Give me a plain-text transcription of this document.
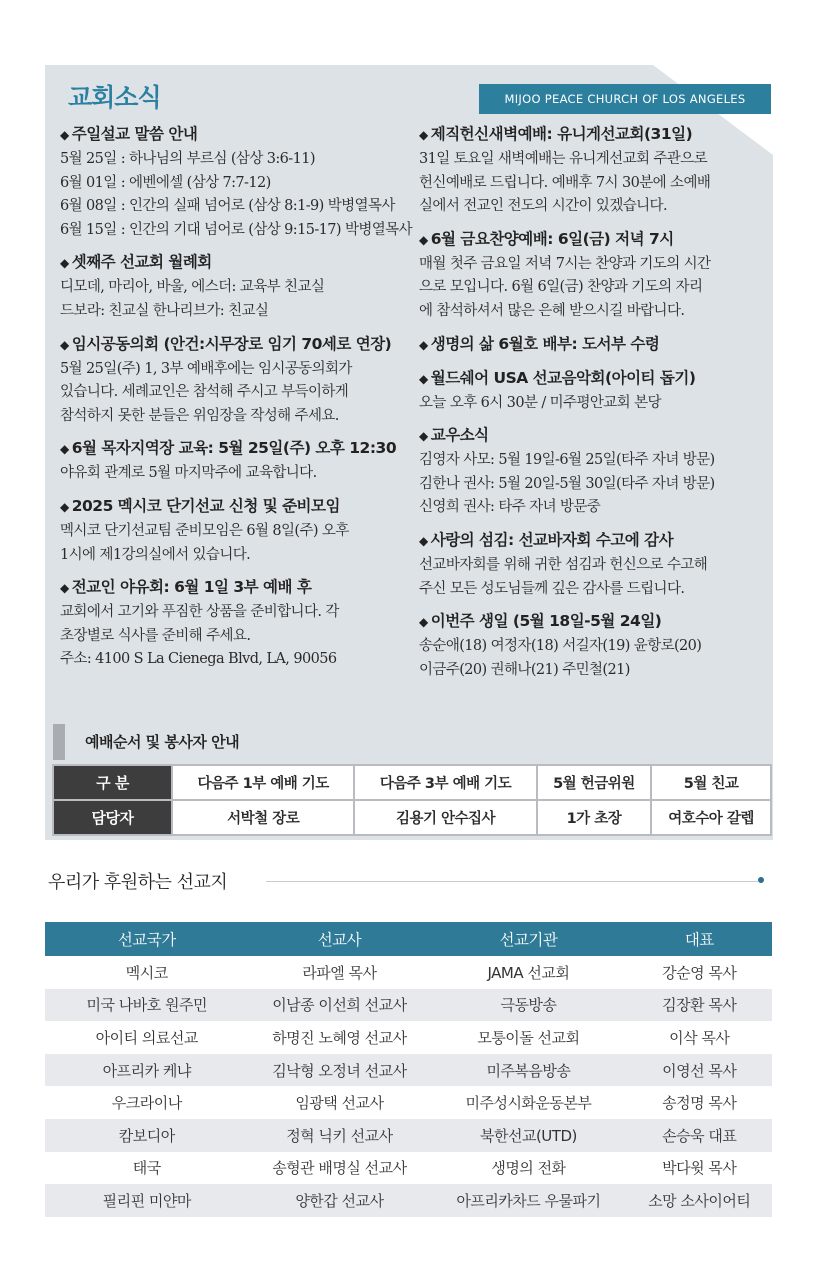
교회소식	MIJOO PEACE CHURCH OF LOS ANGELES
◆ 주일설교 말씀 안내
5월 25일 : 하나님의 부르심 (삼상 3:6-11)
6월 01일 : 에벤에셀 (삼상 7:7-12)
6월 08일 : 인간의 실패 넘어로 (삼상 8:1-9) 박병열목사
6월 15일 : 인간의 기대 넘어로 (삼상 9:15-17) 박병열목사
◆ 셋째주 선교회 월례회
디모데, 마리아, 바울, 에스더: 교육부 친교실
드보라: 친교실 한나리브가: 친교실
◆ 임시공동의회 (안건:시무장로 임기 70세로 연장)
5월 25일(주) 1, 3부 예배후에는 임시공동의회가
있습니다. 세례교인은 참석해 주시고 부득이하게
참석하지 못한 분들은 위임장을 작성해 주세요.
◆ 6월 목자지역장 교육: 5월 25일(주) 오후 12:30
야유회 관계로 5월 마지막주에 교육합니다.
◆ 2025 멕시코 단기선교 신청 및 준비모임
멕시코 단기선교팀 준비모임은 6월 8일(주) 오후
1시에 제1강의실에서 있습니다.
◆ 전교인 야유회: 6월 1일 3부 예배 후
교회에서 고기와 푸짐한 상품을 준비합니다. 각
초장별로 식사를 준비해 주세요.
주소: 4100 S La Cienega Blvd, LA, 90056
◆ 제직헌신새벽예배: 유니게선교회(31일)
31일 토요일 새벽예배는 유니게선교회 주관으로
헌신예배로 드립니다. 예배후 7시 30분에 소예배
실에서 전교인 전도의 시간이 있겠습니다.
◆ 6월 금요찬양예배: 6일(금) 저녁 7시
매월 첫주 금요일 저녁 7시는 찬양과 기도의 시간
으로 모입니다. 6월 6일(금) 찬양과 기도의 자리
에 참석하셔서 많은 은혜 받으시길 바랍니다.
◆ 생명의 삶 6월호 배부: 도서부 수령
◆ 월드쉐어 USA 선교음악회(아이티 돕기)
오늘 오후 6시 30분 / 미주평안교회 본당
◆ 교우소식
김영자 사모: 5월 19일-6월 25일(타주 자녀 방문)
김한나 권사: 5월 20일-5월 30일(타주 자녀 방문)
신영희 권사: 타주 자녀 방문중
◆ 사랑의 섬김: 선교바자회 수고에 감사
선교바자회를 위해 귀한 섬김과 헌신으로 수고해
주신 모든 성도님들께 깊은 감사를 드립니다.
◆ 이번주 생일 (5월 18일-5월 24일)
송순애(18) 여정자(18) 서길자(19) 윤항로(20)
이금주(20) 권해나(21) 주민철(21)
예배순서 및 봉사자 안내
구 분	다음주 1부 예배 기도	다음주 3부 예배 기도	5월 헌금위원	5월 친교
담당자	서박철 장로	김용기 안수집사	1가 초장	여호수아 갈렙
우리가 후원하는 선교지
선교국가	선교사	선교기관	대표
멕시코	라파엘 목사	JAMA 선교회	강순영 목사
미국 나바호 원주민	이남종 이선희 선교사	극동방송	김장환 목사
아이티 의료선교	하명진 노혜영 선교사	모퉁이돌 선교회	이삭 목사
아프리카 케냐	김낙형 오정녀 선교사	미주복음방송	이영선 목사
우크라이나	임광택 선교사	미주성시화운동본부	송정명 목사
캄보디아	정혁 닉키 선교사	북한선교(UTD)	손승욱 대표
태국	송형관 배명실 선교사	생명의 전화	박다윗 목사
필리핀 미얀마	양한갑 선교사	아프리카차드 우물파기	소망 소사이어티
